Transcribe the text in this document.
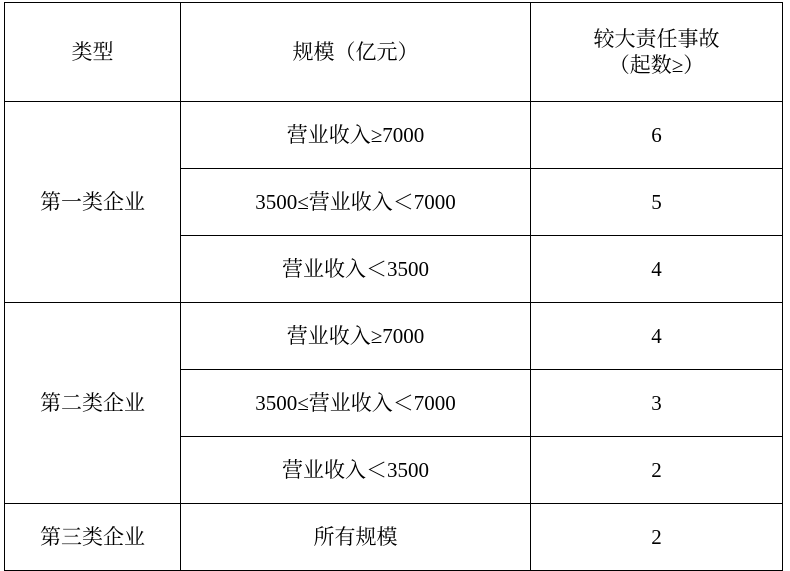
类型	规模（亿元）	较大责任事故
（起数≥）

第一类企业	营业收入≥7000	6
	3500≤营业收入＜7000	5
	营业收入＜3500	4
第二类企业	营业收入≥7000	4
	3500≤营业收入＜7000	3
	营业收入＜3500	2
第三类企业	所有规模	2
